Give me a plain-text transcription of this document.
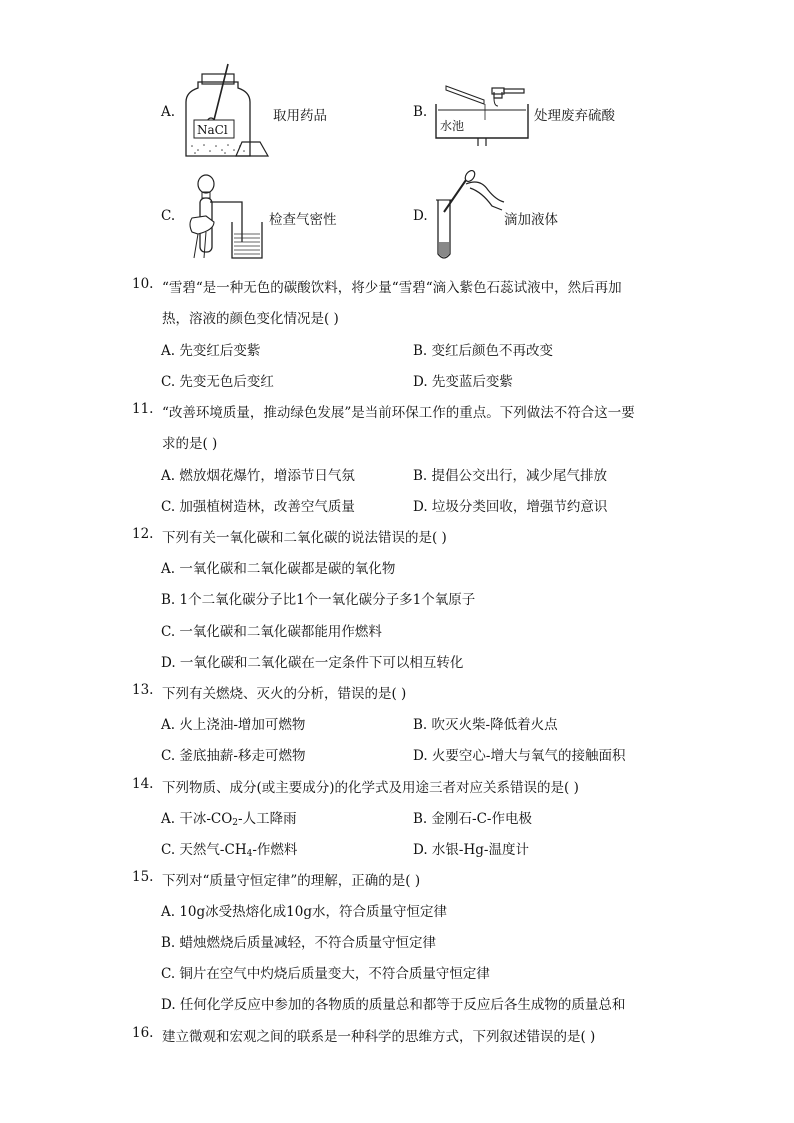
A.
NaCl
取用药品	B.
水池
处理废弃硫酸
C.	检查气密性	D.	滴加液体
10. “雪碧“是一种无色的碳酸饮料，将少量“雪碧“滴入紫色石蕊试液中，然后再加
热，溶液的颜色变化情况是( )
A. 先变红后变紫	B. 变红后颜色不再改变
C. 先变无色后变红	D. 先变蓝后变紫
11. “改善环境质量，推动绿色发展”是当前环保工作的重点。下列做法不符合这一要
求的是( )
A. 燃放烟花爆竹，增添节日气氛	B. 提倡公交出行，减少尾气排放
C. 加强植树造林，改善空气质量	D. 垃圾分类回收，增强节约意识
12. 下列有关一氧化碳和二氧化碳的说法错误的是( )
A. 一氧化碳和二氧化碳都是碳的氧化物
B. 1个二氧化碳分子比1个一氧化碳分子多1个氧原子
C. 一氧化碳和二氧化碳都能用作燃料
D. 一氧化碳和二氧化碳在一定条件下可以相互转化
13. 下列有关燃烧、灭火的分析，错误的是( )
A. 火上浇油-增加可燃物	B. 吹灭火柴-降低着火点
C. 釜底抽薪-移走可燃物	D. 火要空心-增大与氧气的接触面积
14. 下列物质、成分(或主要成分)的化学式及用途三者对应关系错误的是( )
A. 干冰$-CO_2-$人工降雨	B. 金刚石-C-作电极
C. 天然气$-CH_4-$作燃料	D. 水银-Hg-温度计
15. 下列对“质量守恒定律”的理解，正确的是( )
A. 10g冰受热熔化成10g水，符合质量守恒定律
B. 蜡烛燃烧后质量减轻，不符合质量守恒定律
C. 铜片在空气中灼烧后质量变大，不符合质量守恒定律
D. 任何化学反应中参加的各物质的质量总和都等于反应后各生成物的质量总和
16. 建立微观和宏观之间的联系是一种科学的思维方式，下列叙述错误的是( )
